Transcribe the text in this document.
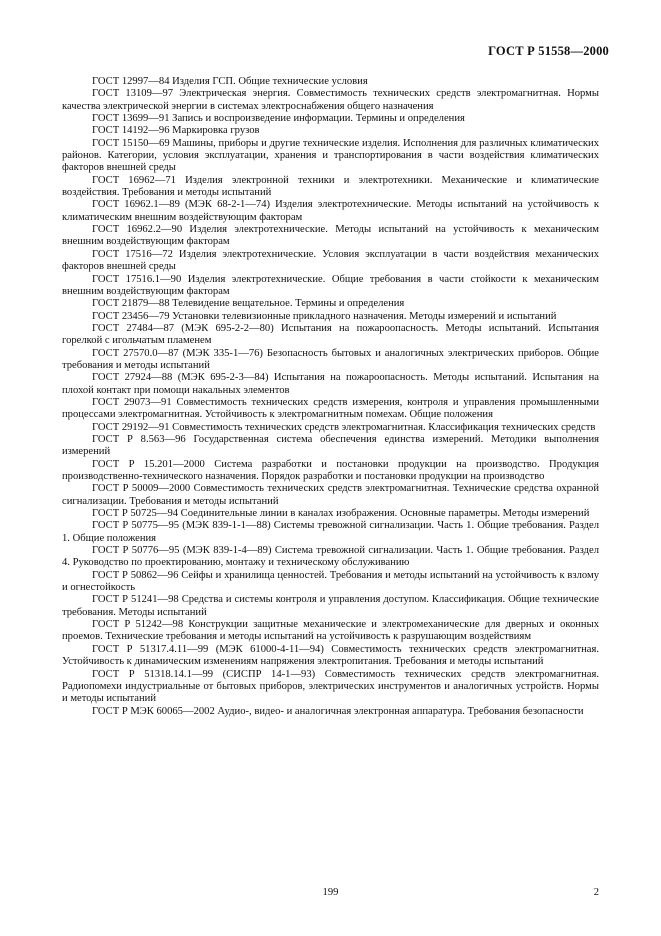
ГОСТ Р 51558—2000

ГОСТ 12997—84 Изделия ГСП. Общие технические условия

ГОСТ 13109—97 Электрическая энергия. Совместимость технических средств электромагнитная. Нормы качества электрической энергии в системах электроснабжения общего назначения

ГОСТ 13699—91 Запись и воспроизведение информации. Термины и определения

ГОСТ 14192—96 Маркировка грузов

ГОСТ 15150—69 Машины, приборы и другие технические изделия. Исполнения для различных климатических районов. Категории, условия эксплуатации, хранения и транспортирования в части воздействия климатических факторов внешней среды

ГОСТ 16962—71 Изделия электронной техники и электротехники. Механические и климатические воздействия. Требования и методы испытаний

ГОСТ 16962.1—89 (МЭК 68-2-1—74) Изделия электротехнические. Методы испытаний на устойчивость к климатическим внешним воздействующим факторам

ГОСТ 16962.2—90 Изделия электротехнические. Методы испытаний на устойчивость к механическим внешним воздействующим факторам

ГОСТ 17516—72 Изделия электротехнические. Условия эксплуатации в части воздействия механических факторов внешней среды

ГОСТ 17516.1—90 Изделия электротехнические. Общие требования в части стойкости к механическим внешним воздействующим факторам

ГОСТ 21879—88 Телевидение вещательное. Термины и определения

ГОСТ 23456—79 Установки телевизионные прикладного назначения. Методы измерений и испытаний

ГОСТ 27484—87 (МЭК 695-2-2—80) Испытания на пожароопасность. Методы испытаний. Испытания горелкой с игольчатым пламенем

ГОСТ 27570.0—87 (МЭК 335-1—76) Безопасность бытовых и аналогичных электрических приборов. Общие требования и методы испытаний

ГОСТ 27924—88 (МЭК 695-2-3—84) Испытания на пожароопасность. Методы испытаний. Испытания на плохой контакт при помощи накальных элементов

ГОСТ 29073—91 Совместимость технических средств измерения, контроля и управления промышленными процессами электромагнитная. Устойчивость к электромагнитным помехам. Общие положения

ГОСТ 29192—91 Совместимость технических средств электромагнитная. Классификация технических средств

ГОСТ Р 8.563—96 Государственная система обеспечения единства измерений. Методики выполнения измерений

ГОСТ Р 15.201—2000 Система разработки и постановки продукции на производство. Продукция производственно-технического назначения. Порядок разработки и постановки продукции на производство

ГОСТ Р 50009—2000 Совместимость технических средств электромагнитная. Технические средства охранной сигнализации. Требования и методы испытаний

ГОСТ Р 50725—94 Соединительные линии в каналах изображения. Основные параметры. Методы измерений

ГОСТ Р 50775—95 (МЭК 839-1-1—88) Системы тревожной сигнализации. Часть 1. Общие требования. Раздел 1. Общие положения

ГОСТ Р 50776—95 (МЭК 839-1-4—89) Система тревожной сигнализации. Часть 1. Общие требования. Раздел 4. Руководство по проектированию, монтажу и техническому обслуживанию

ГОСТ Р 50862—96 Сейфы и хранилища ценностей. Требования и методы испытаний на устойчивость к взлому и огнестойкость

ГОСТ Р 51241—98 Средства и системы контроля и управления доступом. Классификация. Общие технические требования. Методы испытаний

ГОСТ Р 51242—98 Конструкции защитные механические и электромеханические для дверных и оконных проемов. Технические требования и методы испытаний на устойчивость к разрушающим воздействиям

ГОСТ Р 51317.4.11—99 (МЭК 61000-4-11—94) Совместимость технических средств электромагнитная. Устойчивость к динамическим изменениям напряжения электропитания. Требования и методы испытаний

ГОСТ Р 51318.14.1—99 (СИСПР 14-1—93) Совместимость технических средств электромагнитная. Радиопомехи индустриальные от бытовых приборов, электрических инструментов и аналогичных устройств. Нормы и методы испытаний

ГОСТ Р МЭК 60065—2002 Аудио-, видео- и аналогичная электронная аппаратура. Требования безопасности

199	2
